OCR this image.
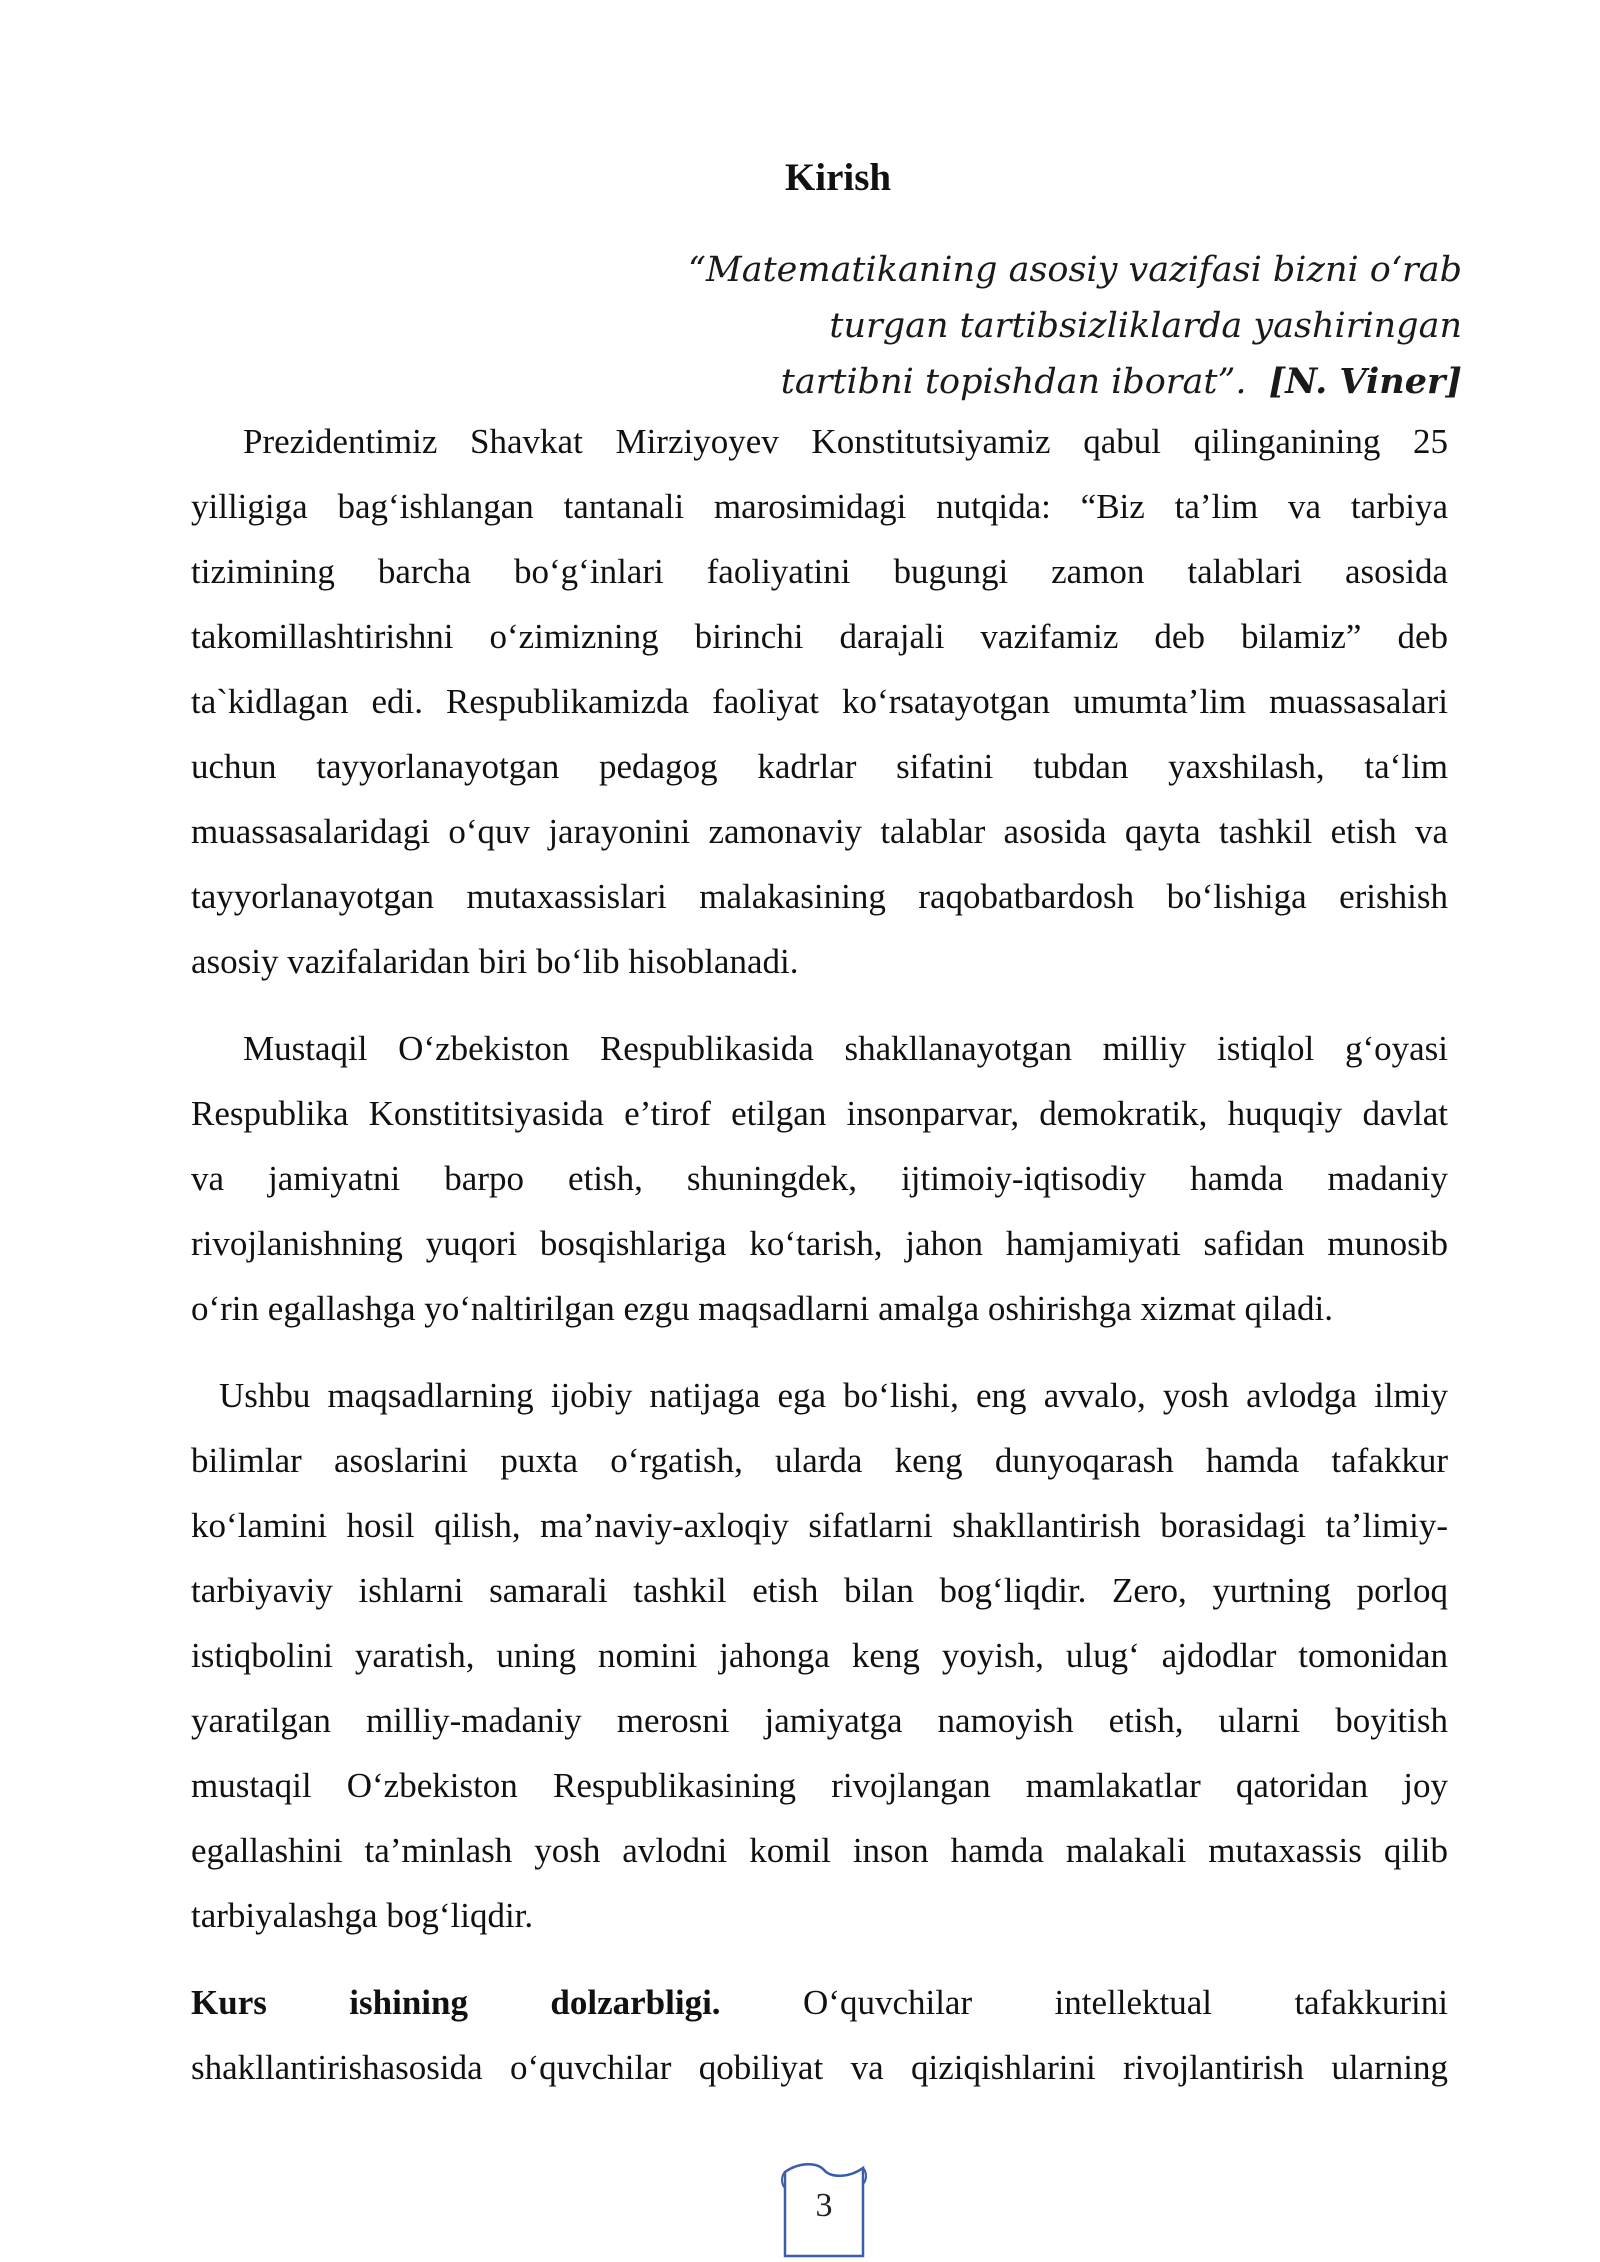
Kirish
“Matematikaning asosiy vazifasi bizni o‘rab
turgan tartibsizliklarda yashiringan
tartibni topishdan iborat”. [N. Viner]
Prezidentimiz Shavkat Mirziyoyev Konstitutsiyamiz qabul qilinganining 25
yilligiga bag‘ishlangan tantanali marosimidagi nutqida: “Biz ta’lim va tarbiya
tizimining barcha bo‘g‘inlari faoliyatini bugungi zamon talablari asosida
takomillashtirishni o‘zimizning birinchi darajali vazifamiz deb bilamiz” deb
ta`kidlagan edi. Respublikamizda faoliyat ko‘rsatayotgan umumta’lim muassasalari
uchun tayyorlanayotgan pedagog kadrlar sifatini tubdan yaxshilash, ta‘lim
muassasalaridagi o‘quv jarayonini zamonaviy talablar asosida qayta tashkil etish va
tayyorlanayotgan mutaxassislari malakasining raqobatbardosh bo‘lishiga erishish
asosiy vazifalaridan biri bo‘lib hisoblanadi.
Mustaqil O‘zbekiston Respublikasida shakllanayotgan milliy istiqlol g‘oyasi
Respublika Konstititsiyasida e’tirof etilgan insonparvar, demokratik, huquqiy davlat
va jamiyatni barpo etish, shuningdek, ijtimoiy-iqtisodiy hamda madaniy
rivojlanishning yuqori bosqishlariga ko‘tarish, jahon hamjamiyati safidan munosib
o‘rin egallashga yo‘naltirilgan ezgu maqsadlarni amalga oshirishga xizmat qiladi.
Ushbu maqsadlarning ijobiy natijaga ega bo‘lishi, eng avvalo, yosh avlodga ilmiy
bilimlar asoslarini puxta o‘rgatish, ularda keng dunyoqarash hamda tafakkur
ko‘lamini hosil qilish, ma’naviy-axloqiy sifatlarni shakllantirish borasidagi ta’limiy-
tarbiyaviy ishlarni samarali tashkil etish bilan bog‘liqdir. Zero, yurtning porloq
istiqbolini yaratish, uning nomini jahonga keng yoyish, ulug‘ ajdodlar tomonidan
yaratilgan milliy-madaniy merosni jamiyatga namoyish etish, ularni boyitish
mustaqil O‘zbekiston Respublikasining rivojlangan mamlakatlar qatoridan joy
egallashini ta’minlash yosh avlodni komil inson hamda malakali mutaxassis qilib
tarbiyalashga bog‘liqdir.
Kurs ishining dolzarbligi. O‘quvchilar intellektual tafakkurini
shakllantirishasosida o‘quvchilar qobiliyat va qiziqishlarini rivojlantirish ularning
3
